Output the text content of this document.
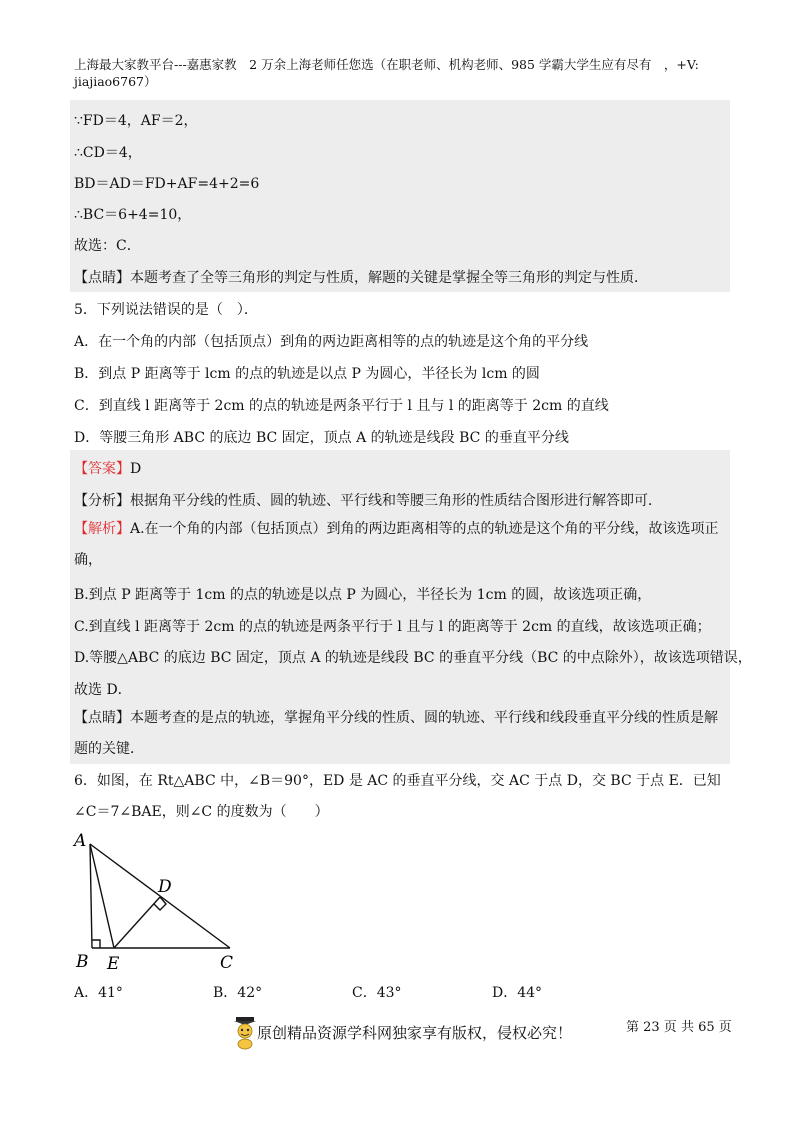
上海最大家教平台---嘉惠家教　2 万余上海老师任您选（在职老师、机构老师、985 学霸大学生应有尽有　，+V: jiajiao6767）
∵FD＝4，AF＝2，
∴CD＝4，
BD＝AD＝FD+AF=4+2=6
∴BC＝6+4=10，
故选：C．
【点睛】本题考查了全等三角形的判定与性质，解题的关键是掌握全等三角形的判定与性质．
5．下列说法错误的是（　）．
A．在一个角的内部（包括顶点）到角的两边距离相等的点的轨迹是这个角的平分线
B．到点 P 距离等于 lcm 的点的轨迹是以点 P 为圆心，半径长为 lcm 的圆
C．到直线 l 距离等于 2cm 的点的轨迹是两条平行于 l 且与 l 的距离等于 2cm 的直线
D．等腰三角形 ABC 的底边 BC 固定，顶点 A 的轨迹是线段 BC 的垂直平分线
【答案】D
【分析】根据角平分线的性质、圆的轨迹、平行线和等腰三角形的性质结合图形进行解答即可．
【解析】A.在一个角的内部（包括顶点）到角的两边距离相等的点的轨迹是这个角的平分线，故该选项正确，
B.到点 P 距离等于 1cm 的点的轨迹是以点 P 为圆心，半径长为 1cm 的圆，故该选项正确，
C.到直线 l 距离等于 2cm 的点的轨迹是两条平行于 l 且与 l 的距离等于 2cm 的直线，故该选项正确；
D.等腰△ABC 的底边 BC 固定，顶点 A 的轨迹是线段 BC 的垂直平分线（BC 的中点除外），故该选项错误，
故选 D．
【点睛】本题考查的是点的轨迹，掌握角平分线的性质、圆的轨迹、平行线和线段垂直平分线的性质是解题的关键．
6．如图，在 Rt△ABC 中，∠B＝90°，ED 是 AC 的垂直平分线，交 AC 于点 D，交 BC 于点 E．已知∠C＝7∠BAE，则∠C 的度数为（　　）
A
B E
D
C
A．41°	B．42°	C．43°	D．44°
原创精品资源学科网独家享有版权，侵权必究！	第 23 页 共 65 页
